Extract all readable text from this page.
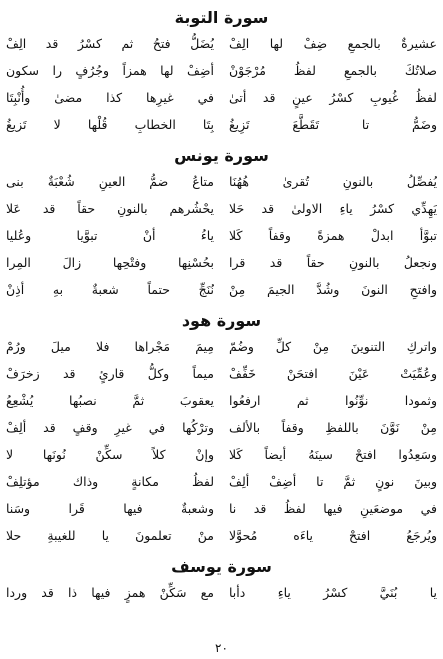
سورة التوبة
عشيرةٌ بالجمعِ ضِفْ لها الِفْ
يُضَلُّ فتحُ ثم كسْرُ قد الِفْ
صلاتُكَ بالجمعِ لفظُ مُرْجَوْنْ
أضِفْ لها همزاً وجُرُفٍ را سكون
لفظُ غُيوبِ كسْرُ عينٍ قد أتىٰ
في غيرِها كذا مضىٰ وأُنْبِتَا
وضَمُّ تا تَقَطَّعَ تَزِيغُ
بِتَا الخطابِ قُلْها لا تَزيغُ
سورة يونس
يُفصِّلُ بالنونِ تُقرىٰ هُهُنَا
متاعُ ضمُّ العينِ شُعْبَةٌ بنى
يَهِدِّي كسْرُ ياءِ الاولىٰ قد حَلا
يحْشُرهم بالنونِ حقاً قد عَلا
تبوَّأ ابدلْ همزةً وقفاً كَلا
ياءُ أنْ تبوَّيا وعُليا
ونجعلُ بالنونِ حقاً قد قرا
بحُسْنِها وفتْحِها زالَ المِرا
وافتحِ النونَ وشُدَّ الجيمَ مِنْ
نُنَجِّ حتماً شعبةٌ بهِ أذِنْ
سورة هود
واتركِ التنوينَ مِنْ كلِّ وضُمّ
مِيمَ مَجْراها فلا ميلَ ورُمْ
وعُمِّيَتْ عَيْنَ افتحَنْ خَفِّفْ
ميماً وكلُّ قارئٍ قد زخرَفْ
وثمودا نوِّنُوا ثم ارفعُوا
يعقوبَ ثمَّ نصبُها يُشْعِعُ
مِنْ نَوَّنَ باللفظِ وقفاً بالألف
وترْكُها في غيرِ وقفٍ قد ألِفْ
وسَعِدُوا افتحْ سينَهُ أيضاً كَلا
وإنْ كلاً سكِّنْ نُونَها لا
وبينَ نونٍ ثمَّ تا أضِفْ ألِفْ
لفظُ مكانةٍ وذاك مؤتلِفْ
في موضعَينِ فيها لفظُ قد نا
وشعبةٌ فيها قَرا وسَنا
ويُرجَعُ افتحْ ياءَه مُحوَّلا
منْ تعلمونَ يا للغيبةِ حلا
سورة يوسف
يا بُنَيَّ كسْرُ ياءِ دأبا
مع سَكِّنْ همزٍ فيها ذا قد وردا
٢٠
